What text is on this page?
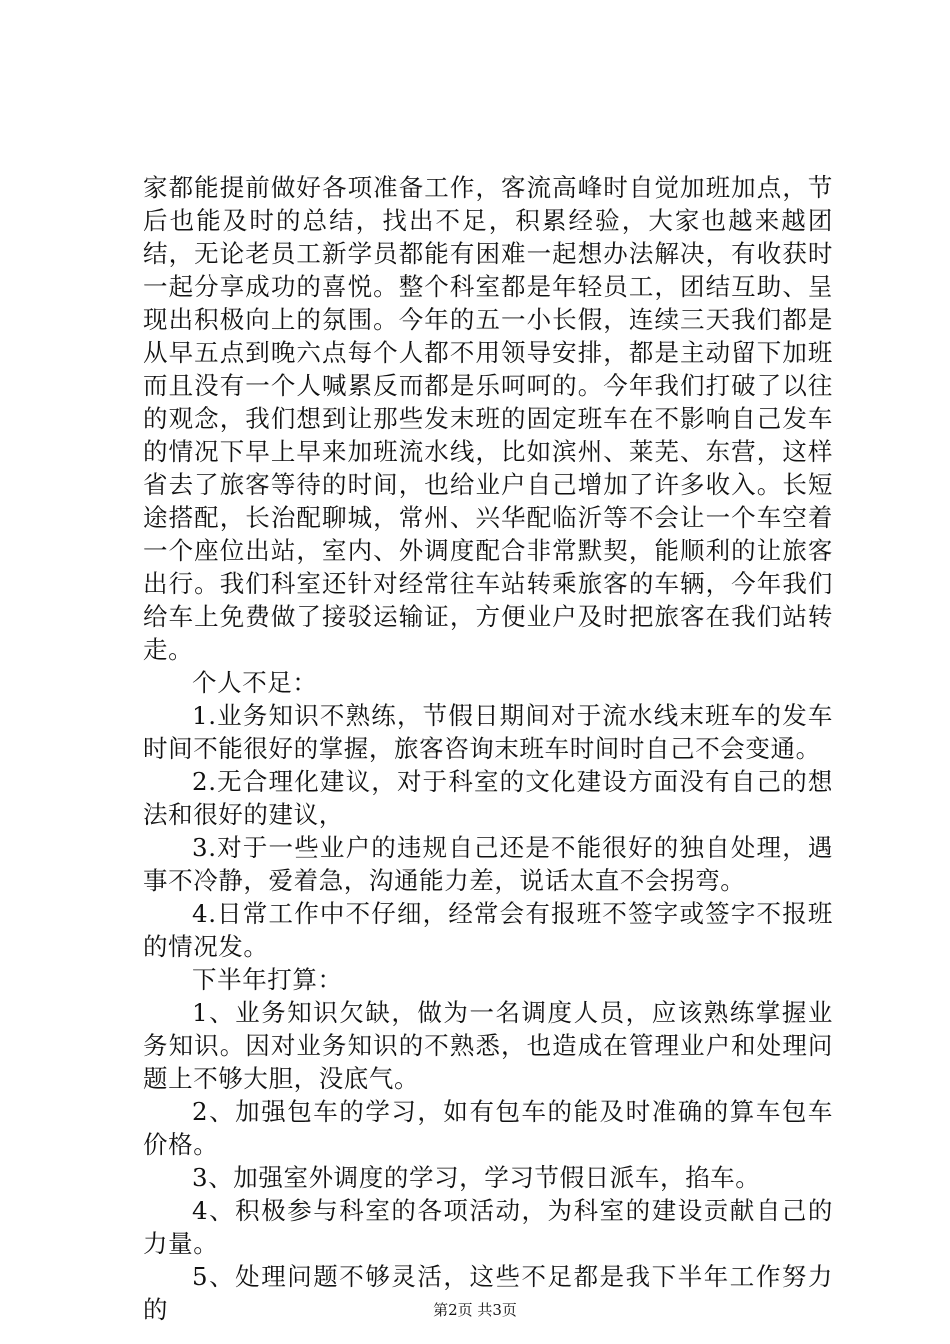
家都能提前做好各项准备工作，客流高峰时自觉加班加点，节后也能及时的总结，找出不足，积累经验，大家也越来越团结，无论老员工新学员都能有困难一起想办法解决，有收获时一起分享成功的喜悦。整个科室都是年轻员工，团结互助、呈现出积极向上的氛围。今年的五一小长假，连续三天我们都是从早五点到晚六点每个人都不用领导安排，都是主动留下加班而且没有一个人喊累反而都是乐呵呵的。今年我们打破了以往的观念，我们想到让那些发末班的固定班车在不影响自己发车的情况下早上早来加班流水线，比如滨州、莱芜、东营，这样省去了旅客等待的时间，也给业户自己增加了许多收入。长短途搭配，长治配聊城，常州、兴华配临沂等不会让一个车空着一个座位出站，室内、外调度配合非常默契，能顺利的让旅客出行。我们科室还针对经常往车站转乘旅客的车辆，今年我们给车上免费做了接驳运输证，方便业户及时把旅客在我们站转走。

个人不足：

1.业务知识不熟练，节假日期间对于流水线末班车的发车时间不能很好的掌握，旅客咨询末班车时间时自己不会变通。

2.无合理化建议，对于科室的文化建设方面没有自己的想法和很好的建议，

3.对于一些业户的违规自己还是不能很好的独自处理，遇事不冷静，爱着急，沟通能力差，说话太直不会拐弯。

4.日常工作中不仔细，经常会有报班不签字或签字不报班的情况发。

下半年打算：

1、业务知识欠缺，做为一名调度人员，应该熟练掌握业务知识。因对业务知识的不熟悉，也造成在管理业户和处理问题上不够大胆，没底气。

2、加强包车的学习，如有包车的能及时准确的算车包车价格。

3、加强室外调度的学习，学习节假日派车，掐车。

4、积极参与科室的各项活动，为科室的建设贡献自己的力量。

5、处理问题不够灵活，这些不足都是我下半年工作努力的	第2页 共3页
